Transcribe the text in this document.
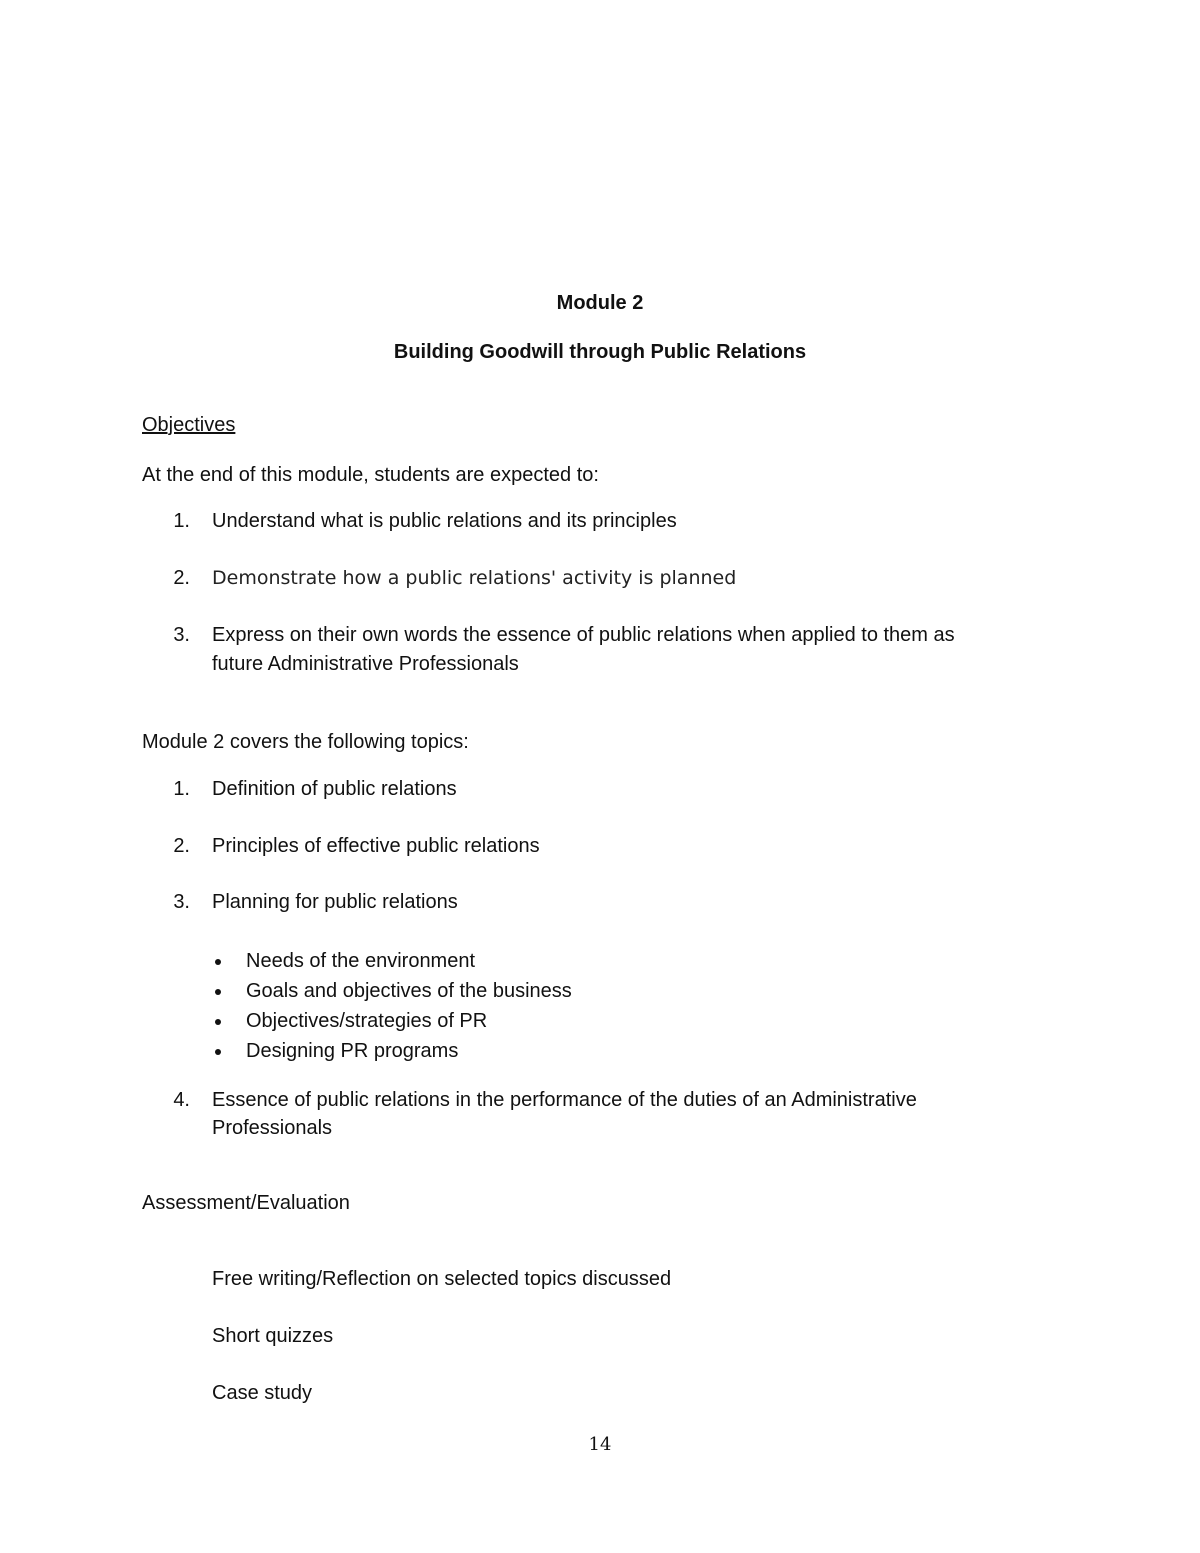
Module 2
Building Goodwill through Public Relations
Objectives
At the end of this module, students are expected to:
1. Understand what is public relations and its principles
2. Demonstrate how a public relations' activity is planned
3. Express on their own words the essence of public relations when applied to them as
future Administrative Professionals
Module 2 covers the following topics:
1. Definition of public relations
2. Principles of effective public relations
3. Planning for public relations
Needs of the environment
Goals and objectives of the business
Objectives/strategies of PR
Designing PR programs
4. Essence of public relations in the performance of the duties of an Administrative
Professionals
Assessment/Evaluation
Free writing/Reflection on selected topics discussed
Short quizzes
Case study
14
